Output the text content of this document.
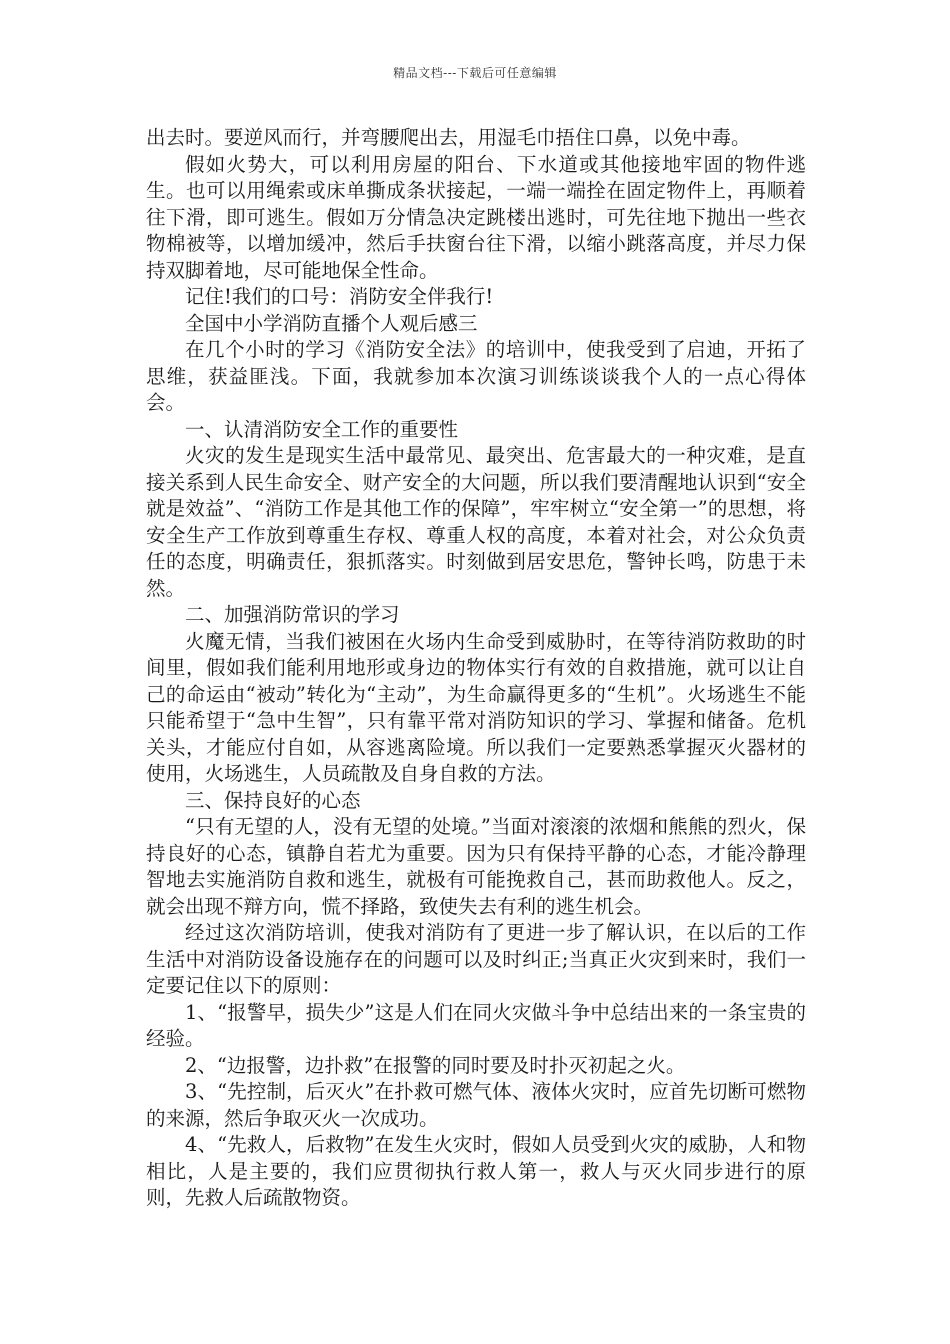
精品文档---下载后可任意编辑

出去时。要逆风而行，并弯腰爬出去，用湿毛巾捂住口鼻，以免中毒。

假如火势大，可以利用房屋的阳台、下水道或其他接地牢固的物件逃生。也可以用绳索或床单撕成条状接起，一端一端拴在固定物件上，再顺着往下滑，即可逃生。假如万分情急决定跳楼出逃时，可先往地下抛出一些衣物棉被等，以增加缓冲，然后手扶窗台往下滑，以缩小跳落高度，并尽力保持双脚着地，尽可能地保全性命。

记住!我们的口号：消防安全伴我行!

全国中小学消防直播个人观后感三

在几个小时的学习《消防安全法》的培训中，使我受到了启迪，开拓了思维，获益匪浅。下面，我就参加本次演习训练谈谈我个人的一点心得体会。

一、认清消防安全工作的重要性

火灾的发生是现实生活中最常见、最突出、危害最大的一种灾难，是直接关系到人民生命安全、财产安全的大问题，所以我们要清醒地认识到“安全就是效益”、“消防工作是其他工作的保障”，牢牢树立“安全第一”的思想，将安全生产工作放到尊重生存权、尊重人权的高度，本着对社会，对公众负责任的态度，明确责任，狠抓落实。时刻做到居安思危，警钟长鸣，防患于未然。

二、加强消防常识的学习

火魔无情，当我们被困在火场内生命受到威胁时，在等待消防救助的时间里，假如我们能利用地形或身边的物体实行有效的自救措施，就可以让自己的命运由“被动”转化为“主动”，为生命赢得更多的“生机”。火场逃生不能只能希望于“急中生智”，只有靠平常对消防知识的学习、掌握和储备。危机关头，才能应付自如，从容逃离险境。所以我们一定要熟悉掌握灭火器材的使用，火场逃生，人员疏散及自身自救的方法。

三、保持良好的心态

“只有无望的人，没有无望的处境。”当面对滚滚的浓烟和熊熊的烈火，保持良好的心态，镇静自若尤为重要。因为只有保持平静的心态，才能冷静理智地去实施消防自救和逃生，就极有可能挽救自己，甚而助救他人。反之，就会出现不辩方向，慌不择路，致使失去有利的逃生机会。

经过这次消防培训，使我对消防有了更进一步了解认识，在以后的工作生活中对消防设备设施存在的问题可以及时纠正;当真正火灾到来时，我们一定要记住以下的原则：

1、“报警早，损失少”这是人们在同火灾做斗争中总结出来的一条宝贵的经验。

2、“边报警，边扑救”在报警的同时要及时扑灭初起之火。

3、“先控制，后灭火”在扑救可燃气体、液体火灾时，应首先切断可燃物的来源，然后争取灭火一次成功。

4、“先救人，后救物”在发生火灾时，假如人员受到火灾的威胁，人和物相比，人是主要的，我们应贯彻执行救人第一，救人与灭火同步进行的原则，先救人后疏散物资。
